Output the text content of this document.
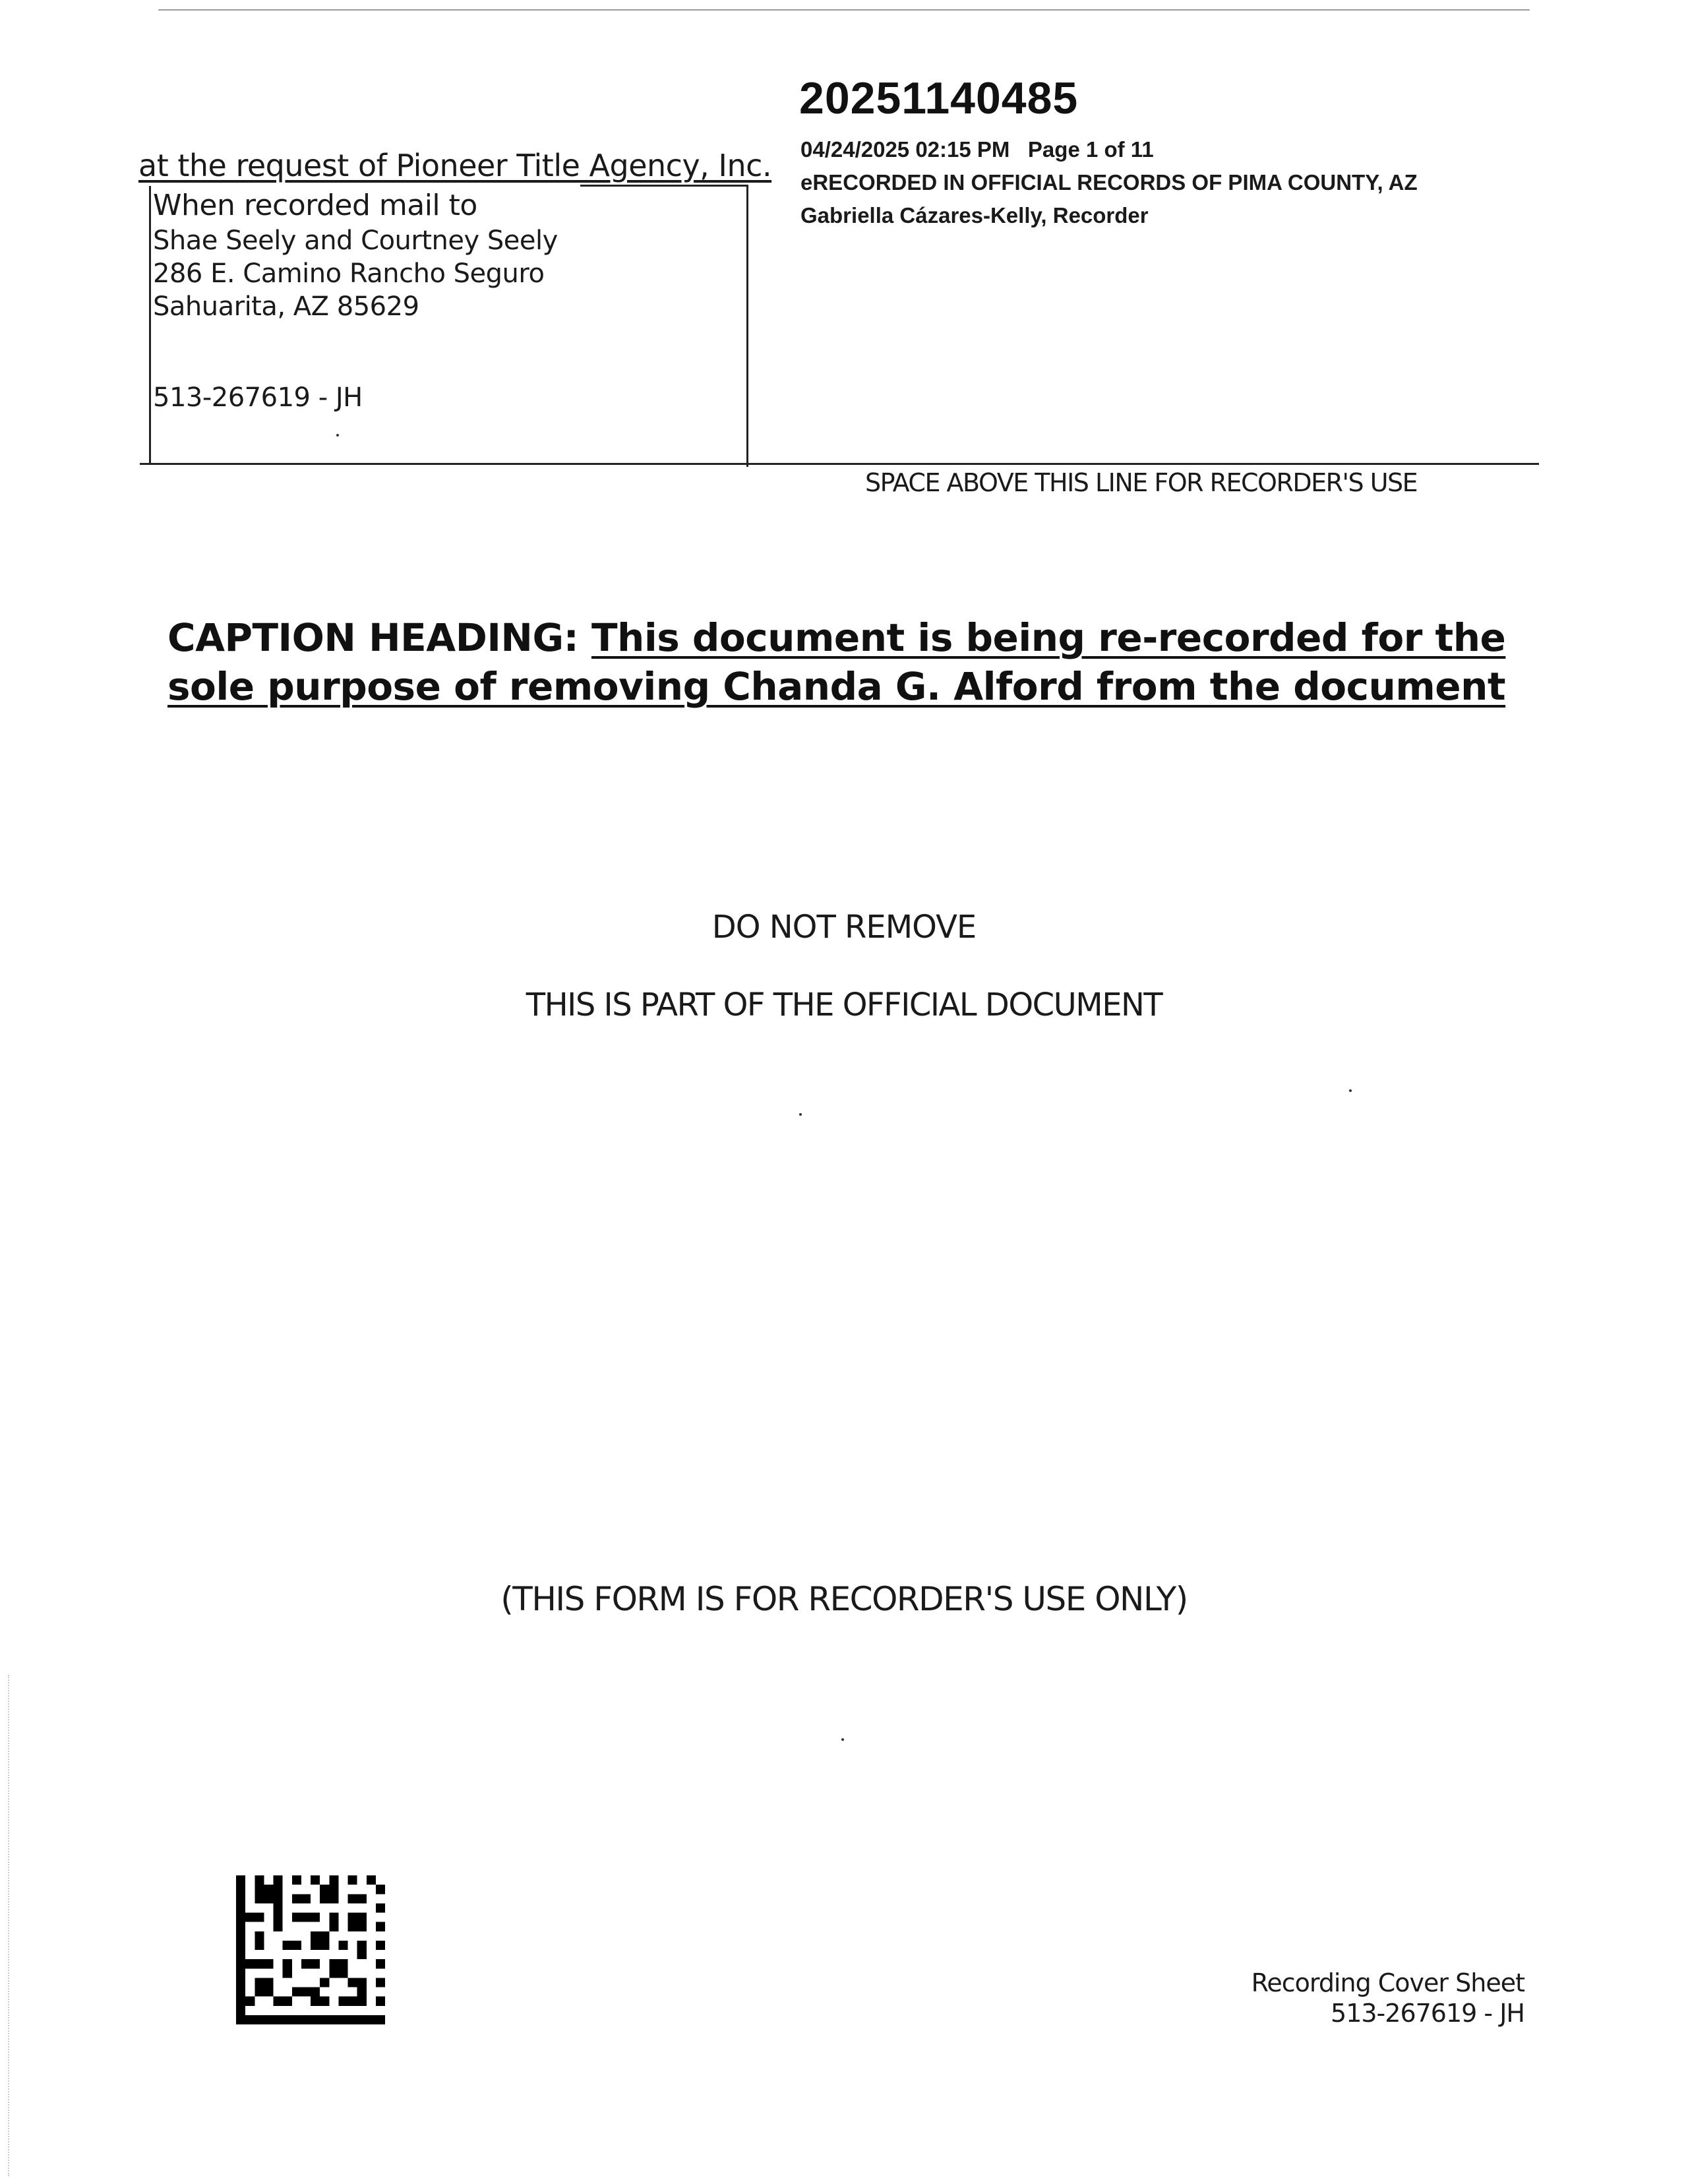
20251140485
04/24/2025 02:15 PM Page 1 of 11
eRECORDED IN OFFICIAL RECORDS OF PIMA COUNTY, AZ
Gabriella Cázares-Kelly, Recorder
at the request of Pioneer Title Agency, Inc.
When recorded mail to
Shae Seely and Courtney Seely
286 E. Camino Rancho Seguro
Sahuarita, AZ 85629
513-267619 - JH
SPACE ABOVE THIS LINE FOR RECORDER'S USE
CAPTION HEADING: This document is being re-recorded for the sole purpose of removing Chanda G. Alford from the document
DO NOT REMOVE
THIS IS PART OF THE OFFICIAL DOCUMENT
(THIS FORM IS FOR RECORDER'S USE ONLY)
Recording Cover Sheet
513-267619 - JH
